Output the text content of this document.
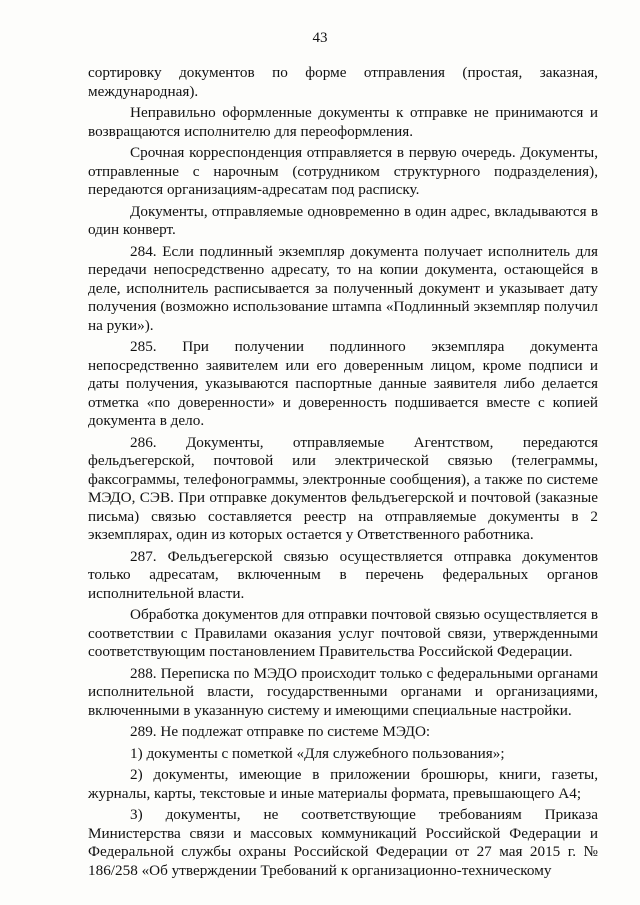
43

сортировку документов по форме отправления (простая, заказная, международная).

Неправильно оформленные документы к отправке не принимаются и возвращаются исполнителю для переоформления.

Срочная корреспонденция отправляется в первую очередь. Документы, отправленные с нарочным (сотрудником структурного подразделения), передаются организациям-адресатам под расписку.

Документы, отправляемые одновременно в один адрес, вкладываются в один конверт.

284. Если подлинный экземпляр документа получает исполнитель для передачи непосредственно адресату, то на копии документа, остающейся в деле, исполнитель расписывается за полученный документ и указывает дату получения (возможно использование штампа «Подлинный экземпляр получил на руки»).

285. При получении подлинного экземпляра документа непосредственно заявителем или его доверенным лицом, кроме подписи и даты получения, указываются паспортные данные заявителя либо делается отметка «по доверенности» и доверенность подшивается вместе с копией документа в дело.

286. Документы, отправляемые Агентством, передаются фельдъегерской, почтовой или электрической связью (телеграммы, факсограммы, телефонограммы, электронные сообщения), а также по системе МЭДО, СЭВ. При отправке документов фельдъегерской и почтовой (заказные письма) связью составляется реестр на отправляемые документы в 2 экземплярах, один из которых остается у Ответственного работника.

287. Фельдъегерской связью осуществляется отправка документов только адресатам, включенным в перечень федеральных органов исполнительной власти.

Обработка документов для отправки почтовой связью осуществляется в соответствии с Правилами оказания услуг почтовой связи, утвержденными соответствующим постановлением Правительства Российской Федерации.

288. Переписка по МЭДО происходит только с федеральными органами исполнительной власти, государственными органами и организациями, включенными в указанную систему и имеющими специальные настройки.

289. Не подлежат отправке по системе МЭДО:

1) документы с пометкой «Для служебного пользования»;

2) документы, имеющие в приложении брошюры, книги, газеты, журналы, карты, текстовые и иные материалы формата, превышающего А4;

3) документы, не соответствующие требованиям Приказа Министерства связи и массовых коммуникаций Российской Федерации и Федеральной службы охраны Российской Федерации от 27 мая 2015 г. № 186/258 «Об утверждении Требований к организационно-техническому
